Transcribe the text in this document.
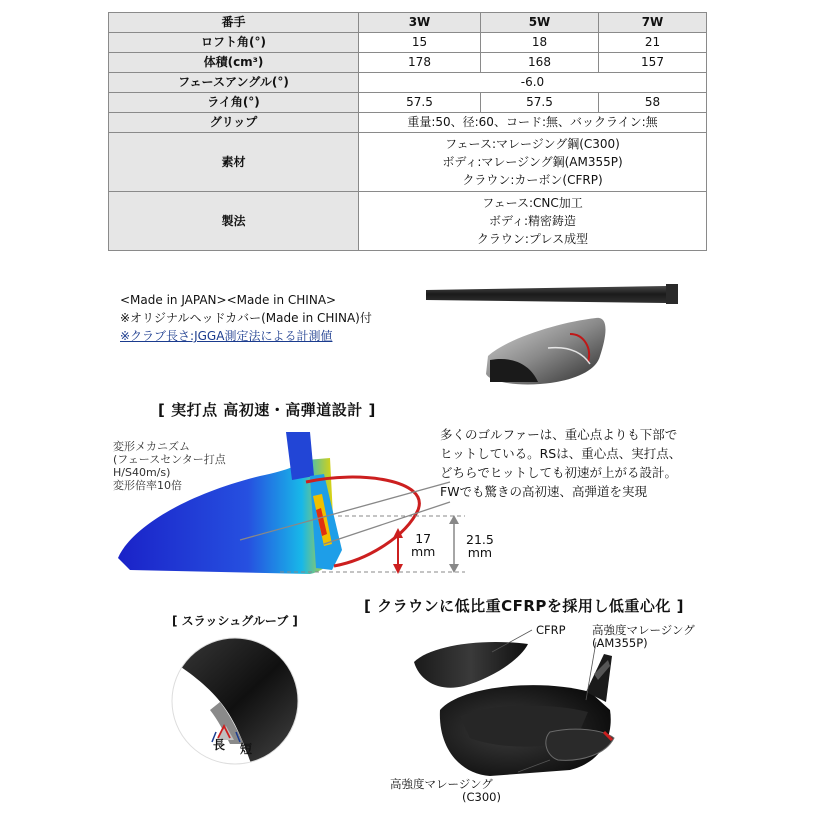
番手	3W	5W	7W
ロフト角(°)	15	18	21
体積(cm³)	178	168	157
フェースアングル(°)	-6.0		
ライ角(°)	57.5	57.5	58
グリップ	重量:50、径:60、コード:無、バックライン:無		
素材	フェース:マレージング鋼(C300)
ボディ:マレージング鋼(AM355P)
クラウン:カーボン(CFRP)		

製法	フェース:CNC加工
ボディ:精密鋳造
クラウン:プレス成型		
<Made in JAPAN><Made in CHINA>
※オリジナルヘッドカバー(Made in CHINA)付
※クラブ長さ:JGGA測定法による計測値
[ 実打点 高初速・高弾道設計 ]
変形メカニズム
(フェースセンター打点
H/S40m/s)
変形倍率10倍
多くのゴルファーは、重心点よりも下部で
ヒットしている。RSは、重心点、実打点、
どちらでヒットしても初速が上がる設計。
FWでも驚きの高初速、高弾道を実現
17
mm
21.5
mm
[ スラッシュグルーブ ]
長 短
[ クラウンに低比重CFRPを採用し低重心化 ]
CFRP 高強度マレージング
(AM355P)
高強度マレージング
(C300)
